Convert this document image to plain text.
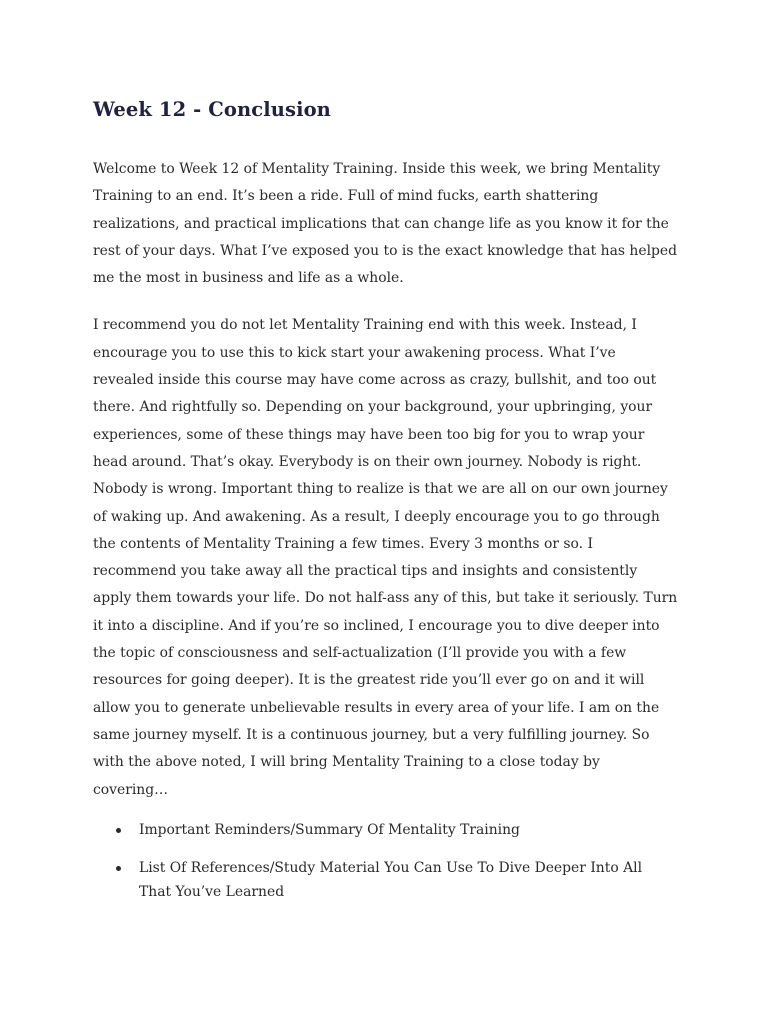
Week 12 - Conclusion

Welcome to Week 12 of Mentality Training. Inside this week, we bring Mentality Training to an end. It’s been a ride. Full of mind fucks, earth shattering realizations, and practical implications that can change life as you know it for the rest of your days. What I’ve exposed you to is the exact knowledge that has helped me the most in business and life as a whole.

I recommend you do not let Mentality Training end with this week. Instead, I encourage you to use this to kick start your awakening process. What I’ve revealed inside this course may have come across as crazy, bullshit, and too out there. And rightfully so. Depending on your background, your upbringing, your experiences, some of these things may have been too big for you to wrap your head around. That’s okay. Everybody is on their own journey. Nobody is right. Nobody is wrong. Important thing to realize is that we are all on our own journey of waking up. And awakening. As a result, I deeply encourage you to go through the contents of Mentality Training a few times. Every 3 months or so. I recommend you take away all the practical tips and insights and consistently apply them towards your life. Do not half-ass any of this, but take it seriously. Turn it into a discipline. And if you’re so inclined, I encourage you to dive deeper into the topic of consciousness and self-actualization (I’ll provide you with a few resources for going deeper). It is the greatest ride you’ll ever go on and it will allow you to generate unbelievable results in every area of your life. I am on the same journey myself. It is a continuous journey, but a very fulfilling journey. So with the above noted, I will bring Mentality Training to a close today by covering…

Important Reminders/Summary Of Mentality Training
List Of References/Study Material You Can Use To Dive Deeper Into All That You’ve Learned
